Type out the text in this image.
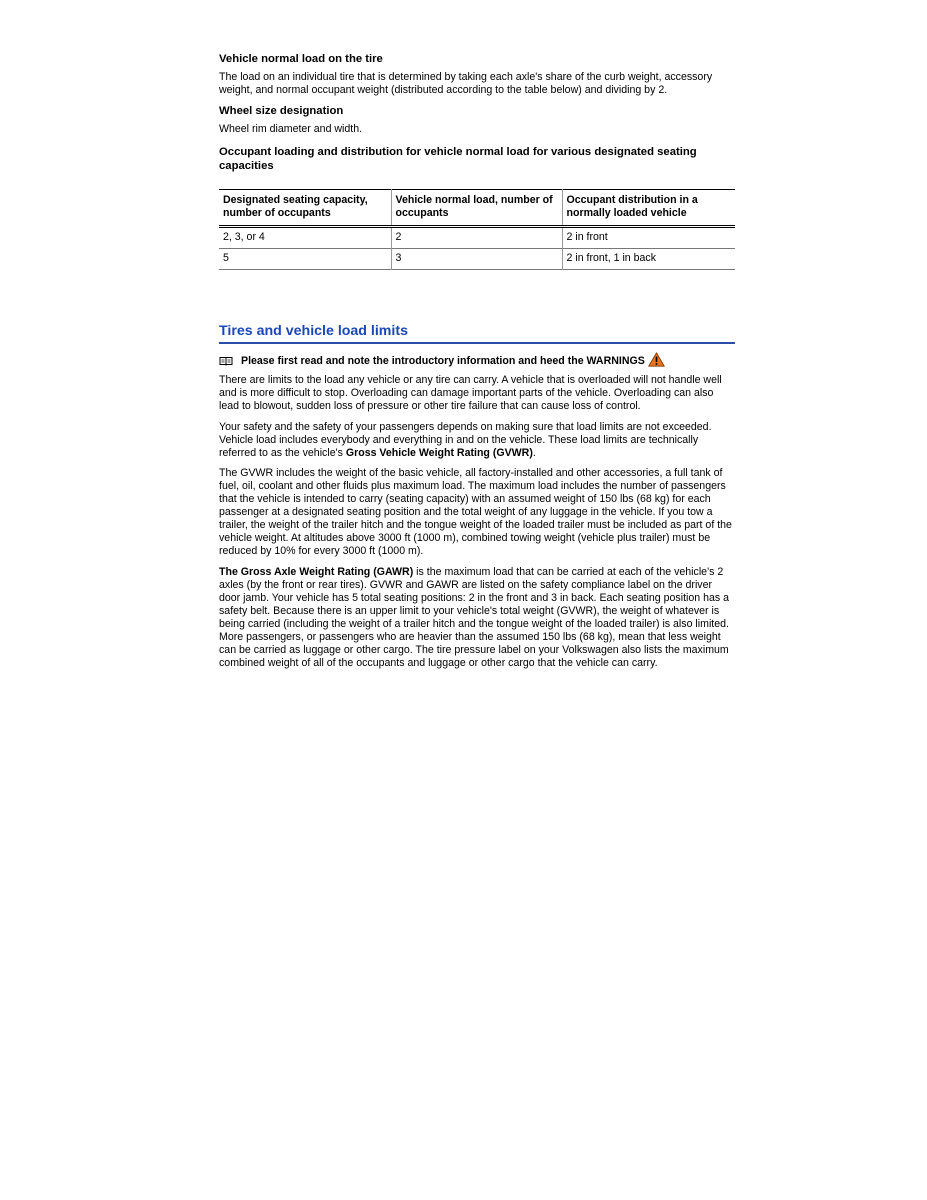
Vehicle normal load on the tire

The load on an individual tire that is determined by taking each axle's share of the curb weight, accessory weight, and normal occupant weight (distributed according to the table below) and dividing by 2.

Wheel size designation

Wheel rim diameter and width.

Occupant loading and distribution for vehicle normal load for various designated seating capacities
Designated seating capacity, number of occupants	Vehicle normal load, number of occupants	Occupant distribution in a normally loaded vehicle
2, 3, or 4	2	2 in front
5	3	2 in front, 1 in back
Tires and vehicle load limits
Please first read and note the introductory information and heed the WARNINGS

There are limits to the load any vehicle or any tire can carry. A vehicle that is overloaded will not handle well and is more difficult to stop. Overloading can damage important parts of the vehicle. Overloading can also lead to blowout, sudden loss of pressure or other tire failure that can cause loss of control.

Your safety and the safety of your passengers depends on making sure that load limits are not exceeded. Vehicle load includes everybody and everything in and on the vehicle. These load limits are technically referred to as the vehicle's Gross Vehicle Weight Rating (GVWR).

The GVWR includes the weight of the basic vehicle, all factory-installed and other accessories, a full tank of fuel, oil, coolant and other fluids plus maximum load. The maximum load includes the number of passengers that the vehicle is intended to carry (seating capacity) with an assumed weight of 150 lbs (68 kg) for each passenger at a designated seating position and the total weight of any luggage in the vehicle. If you tow a trailer, the weight of the trailer hitch and the tongue weight of the loaded trailer must be included as part of the vehicle weight. At altitudes above 3000 ft (1000 m), combined towing weight (vehicle plus trailer) must be reduced by 10% for every 3000 ft (1000 m).

The Gross Axle Weight Rating (GAWR) is the maximum load that can be carried at each of the vehicle's 2 axles (by the front or rear tires). GVWR and GAWR are listed on the safety compliance label on the driver door jamb. Your vehicle has 5 total seating positions: 2 in the front and 3 in back. Each seating position has a safety belt. Because there is an upper limit to your vehicle's total weight (GVWR), the weight of whatever is being carried (including the weight of a trailer hitch and the tongue weight of the loaded trailer) is also limited. More passengers, or passengers who are heavier than the assumed 150 lbs (68 kg), mean that less weight can be carried as luggage or other cargo. The tire pressure label on your Volkswagen also lists the maximum combined weight of all of the occupants and luggage or other cargo that the vehicle can carry.
